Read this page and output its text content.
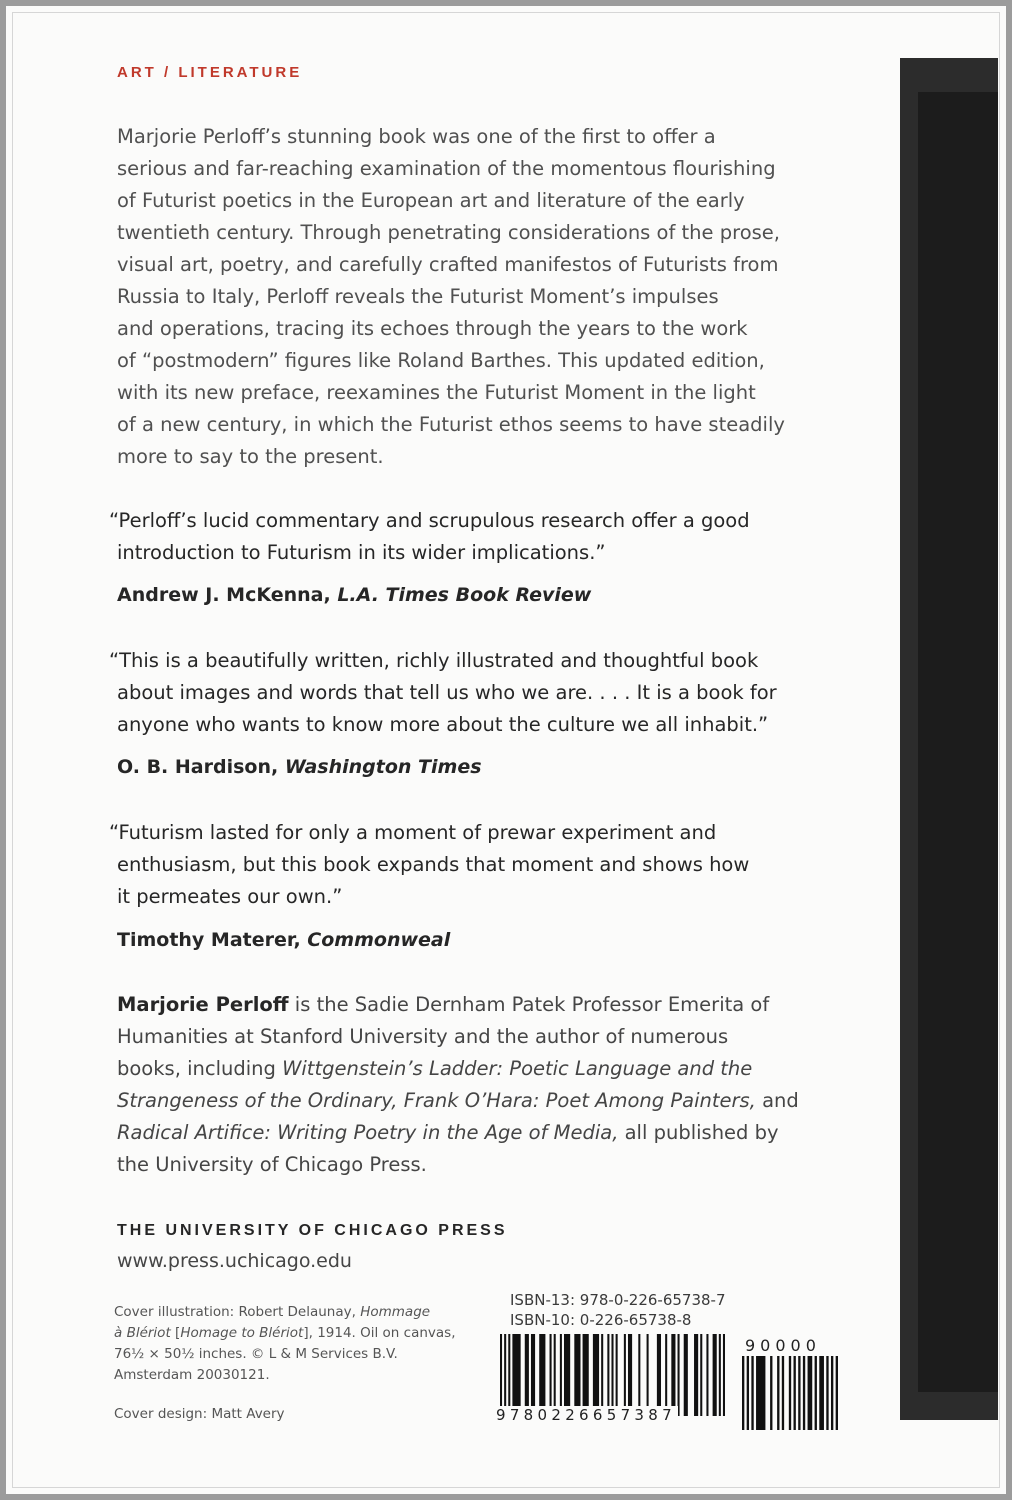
ART / LITERATURE

Marjorie Perloff’s stunning book was one of the first to offer a

serious and far-reaching examination of the momentous flourishing

of Futurist poetics in the European art and literature of the early

twentieth century. Through penetrating considerations of the prose,

visual art, poetry, and carefully crafted manifestos of Futurists from

Russia to Italy, Perloff reveals the Futurist Moment’s impulses

and operations, tracing its echoes through the years to the work

of “postmodern” figures like Roland Barthes. This updated edition,

with its new preface, reexamines the Futurist Moment in the light

of a new century, in which the Futurist ethos seems to have steadily

more to say to the present.

“Perloff’s lucid commentary and scrupulous research offer a good

introduction to Futurism in its wider implications.”

Andrew J. McKenna, L.A. Times Book Review

“This is a beautifully written, richly illustrated and thoughtful book

about images and words that tell us who we are. . . . It is a book for

anyone who wants to know more about the culture we all inhabit.”

O. B. Hardison, Washington Times

“Futurism lasted for only a moment of prewar experiment and

enthusiasm, but this book expands that moment and shows how

it permeates our own.”

Timothy Materer, Commonweal

Marjorie Perloff is the Sadie Dernham Patek Professor Emerita of

Humanities at Stanford University and the author of numerous

books, including Wittgenstein’s Ladder: Poetic Language and the

Strangeness of the Ordinary, Frank O’Hara: Poet Among Painters, and

Radical Artifice: Writing Poetry in the Age of Media, all published by

the University of Chicago Press.

THE UNIVERSITY OF CHICAGO PRESS
www.press.uchicago.edu
Cover illustration: Robert Delaunay, Hommage
à Blériot [Homage to Blériot], 1914. Oil on canvas,
76½ × 50½ inches. © L & M Services B.V.
Amsterdam 20030121.
Cover design: Matt Avery
ISBN-13: 978-0-226-65738-7
ISBN-10: 0-226-65738-8
90000
9780226657387
